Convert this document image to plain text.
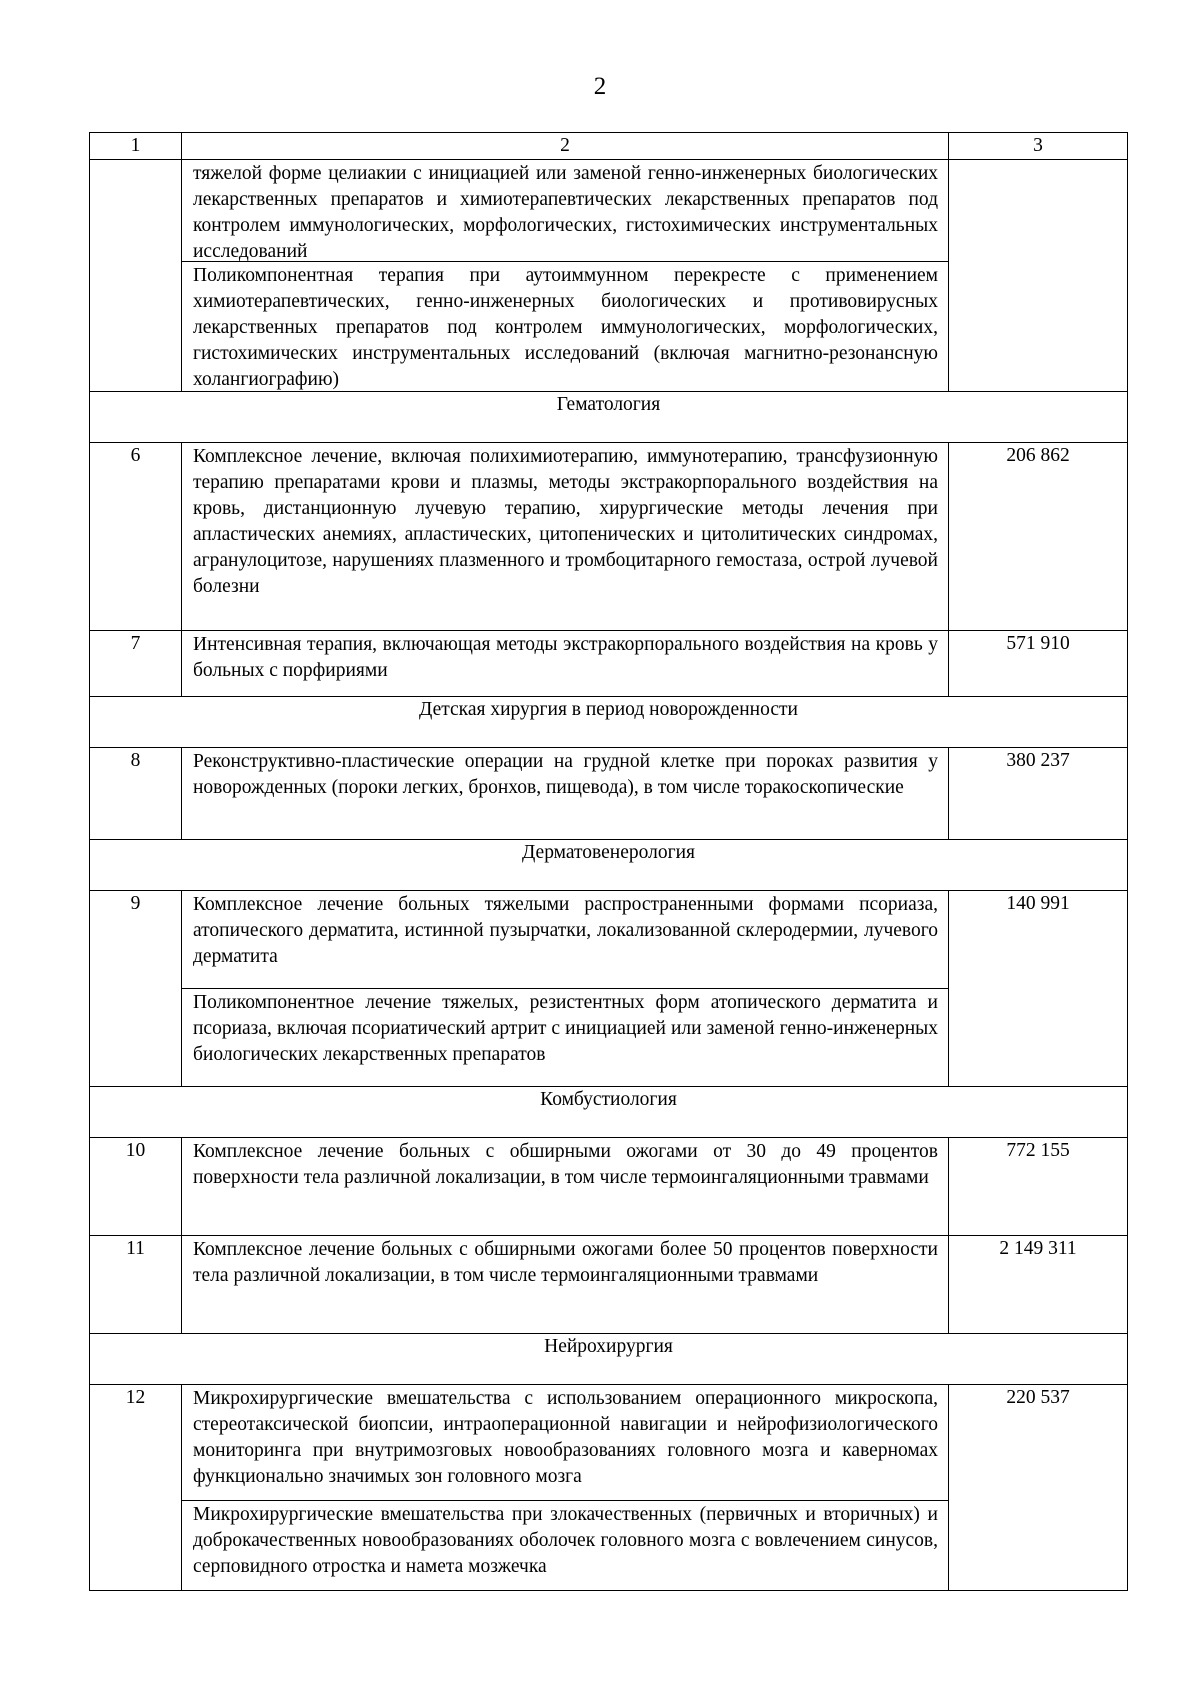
2
1	2	3

	тяжелой форме целиакии с инициацией или заменой генно-инженерных биологических лекарственных препаратов и химиотерапевтических лекарственных препаратов под контролем иммунологических, морфологических, гистохимических инструментальных исследований
Поликомпонентная терапия при аутоиммунном перекресте с применением химиотерапевтических, генно-инженерных биологических и противовирусных лекарственных препаратов под контролем иммунологических, морфологических, гистохимических инструментальных исследований (включая магнитно-резонансную холангиографию)	

Гематология		
6	Комплексное лечение, включая полихимиотерапию, иммунотерапию, трансфузионную терапию препаратами крови и плазмы, методы экстракорпорального воздействия на кровь, дистанционную лучевую терапию, хирургические методы лечения при апластических анемиях, апластических, цитопенических и цитолитических синдромах, агранулоцитозе, нарушениях плазменного и тромбоцитарного гемостаза, острой лучевой болезни	206 862
7	Интенсивная терапия, включающая методы экстракорпорального воздействия на кровь у больных с порфириями	571 910
Детская хирургия в период новорожденности		
8	Реконструктивно-пластические операции на грудной клетке при пороках развития у новорожденных (пороки легких, бронхов, пищевода), в том числе торакоскопические	380 237
Дерматовенерология		
9	Комплексное лечение больных тяжелыми распространенными формами псориаза, атопического дерматита, истинной пузырчатки, локализованной склеродермии, лучевого дерматита
Поликомпонентное лечение тяжелых, резистентных форм атопического дерматита и псориаза, включая псориатический артрит с инициацией или заменой генно-инженерных биологических лекарственных препаратов	140 991
Комбустиология		
10	Комплексное лечение больных с обширными ожогами от 30 до 49 процентов поверхности тела различной локализации, в том числе термоингаляционными травмами	772 155
11	Комплексное лечение больных с обширными ожогами более 50 процентов поверхности тела различной локализации, в том числе термоингаляционными травмами	2 149 311
Нейрохирургия		
12	Микрохирургические вмешательства с использованием операционного микроскопа, стереотаксической биопсии, интраоперационной навигации и нейрофизиологического мониторинга при внутримозговых новообразованиях головного мозга и каверномах функционально значимых зон головного мозга
Микрохирургические вмешательства при злокачественных (первичных и вторичных) и доброкачественных новообразованиях оболочек головного мозга с вовлечением синусов, серповидного отростка и намета мозжечка	220 537
